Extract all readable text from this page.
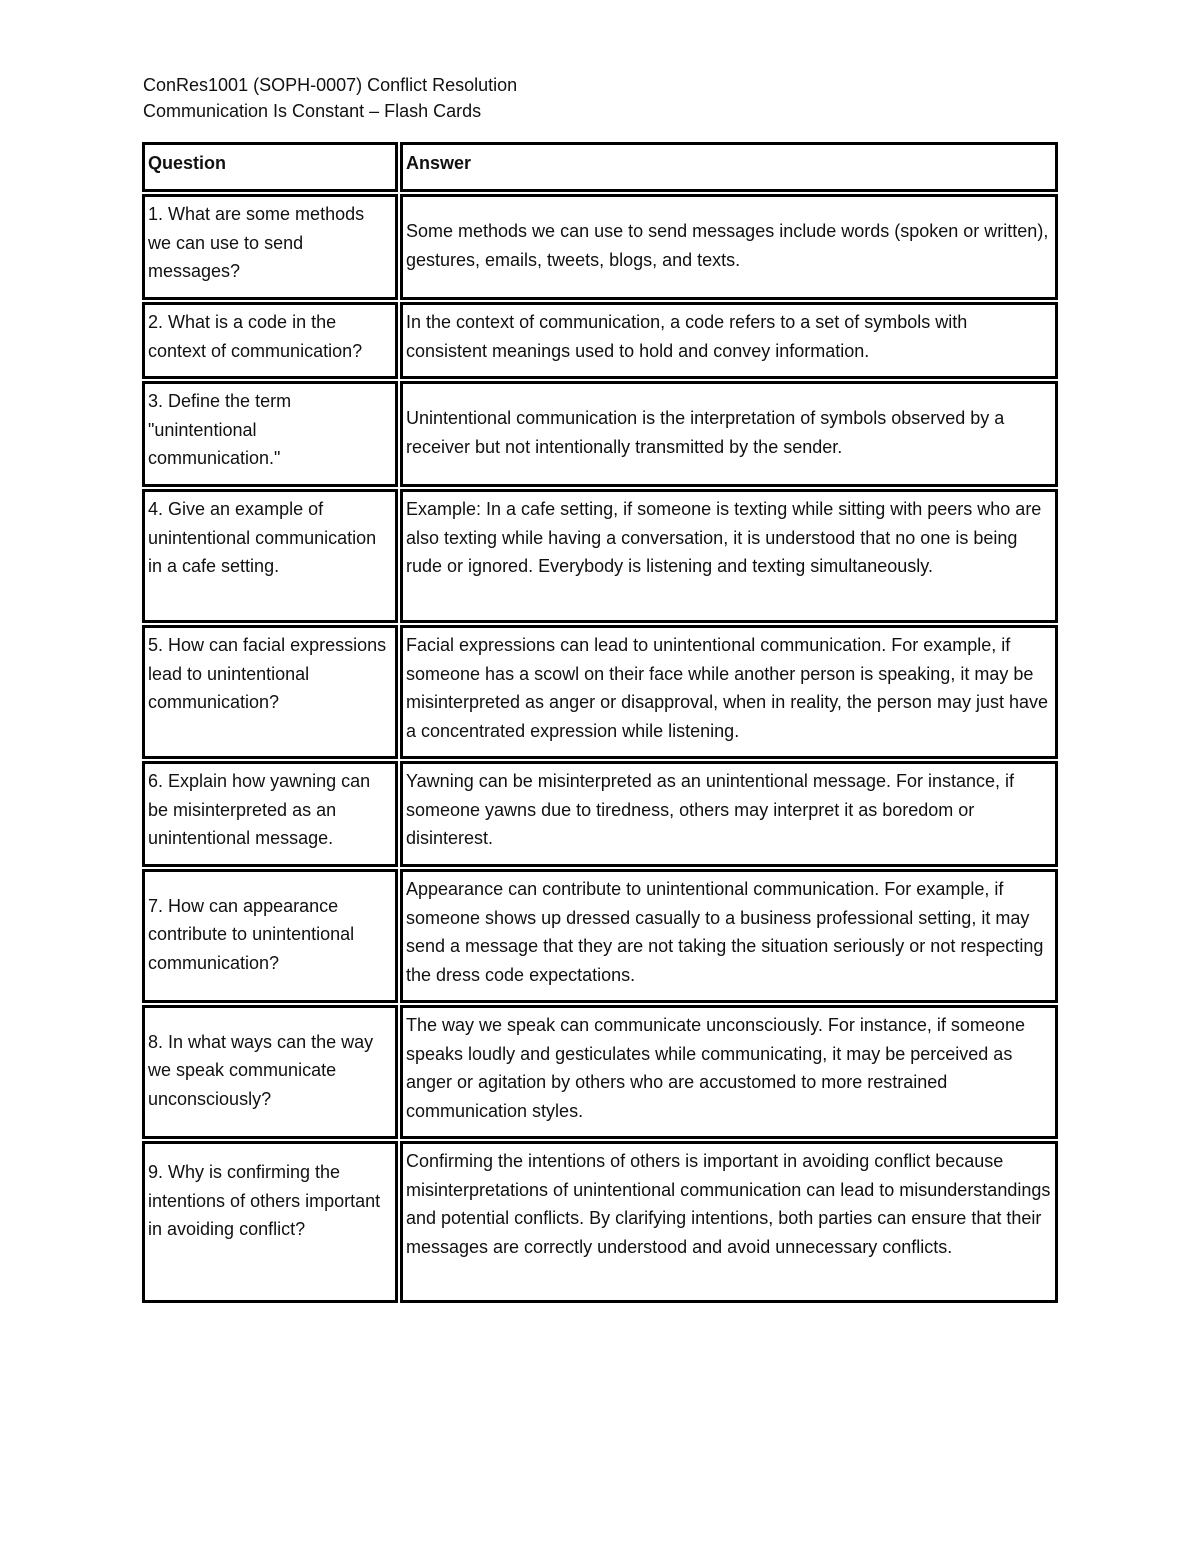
ConRes1001 (SOPH-0007) Conflict Resolution
Communication Is Constant – Flash Cards
Question	Answer
1. What are some methods we can use to send messages?
Some methods we can use to send messages include words (spoken or written), gestures, emails, tweets, blogs, and texts.
2. What is a code in the context of communication?
In the context of communication, a code refers to a set of symbols with consistent meanings used to hold and convey information.
3. Define the term "unintentional communication."
Unintentional communication is the interpretation of symbols observed by a receiver but not intentionally transmitted by the sender.
4. Give an example of unintentional communication in a cafe setting.
Example: In a cafe setting, if someone is texting while sitting with peers who are also texting while having a conversation, it is understood that no one is being rude or ignored. Everybody is listening and texting simultaneously.
5. How can facial expressions lead to unintentional communication?
Facial expressions can lead to unintentional communication. For example, if someone has a scowl on their face while another person is speaking, it may be misinterpreted as anger or disapproval, when in reality, the person may just have a concentrated expression while listening.
6. Explain how yawning can be misinterpreted as an unintentional message.
Yawning can be misinterpreted as an unintentional message. For instance, if someone yawns due to tiredness, others may interpret it as boredom or disinterest.
7. How can appearance contribute to unintentional communication?
Appearance can contribute to unintentional communication. For example, if someone shows up dressed casually to a business professional setting, it may send a message that they are not taking the situation seriously or not respecting the dress code expectations.
8. In what ways can the way we speak communicate unconsciously?
The way we speak can communicate unconsciously. For instance, if someone speaks loudly and gesticulates while communicating, it may be perceived as anger or agitation by others who are accustomed to more restrained communication styles.
9. Why is confirming the intentions of others important in avoiding conflict?
Confirming the intentions of others is important in avoiding conflict because misinterpretations of unintentional communication can lead to misunderstandings and potential conflicts. By clarifying intentions, both parties can ensure that their messages are correctly understood and avoid unnecessary conflicts.
